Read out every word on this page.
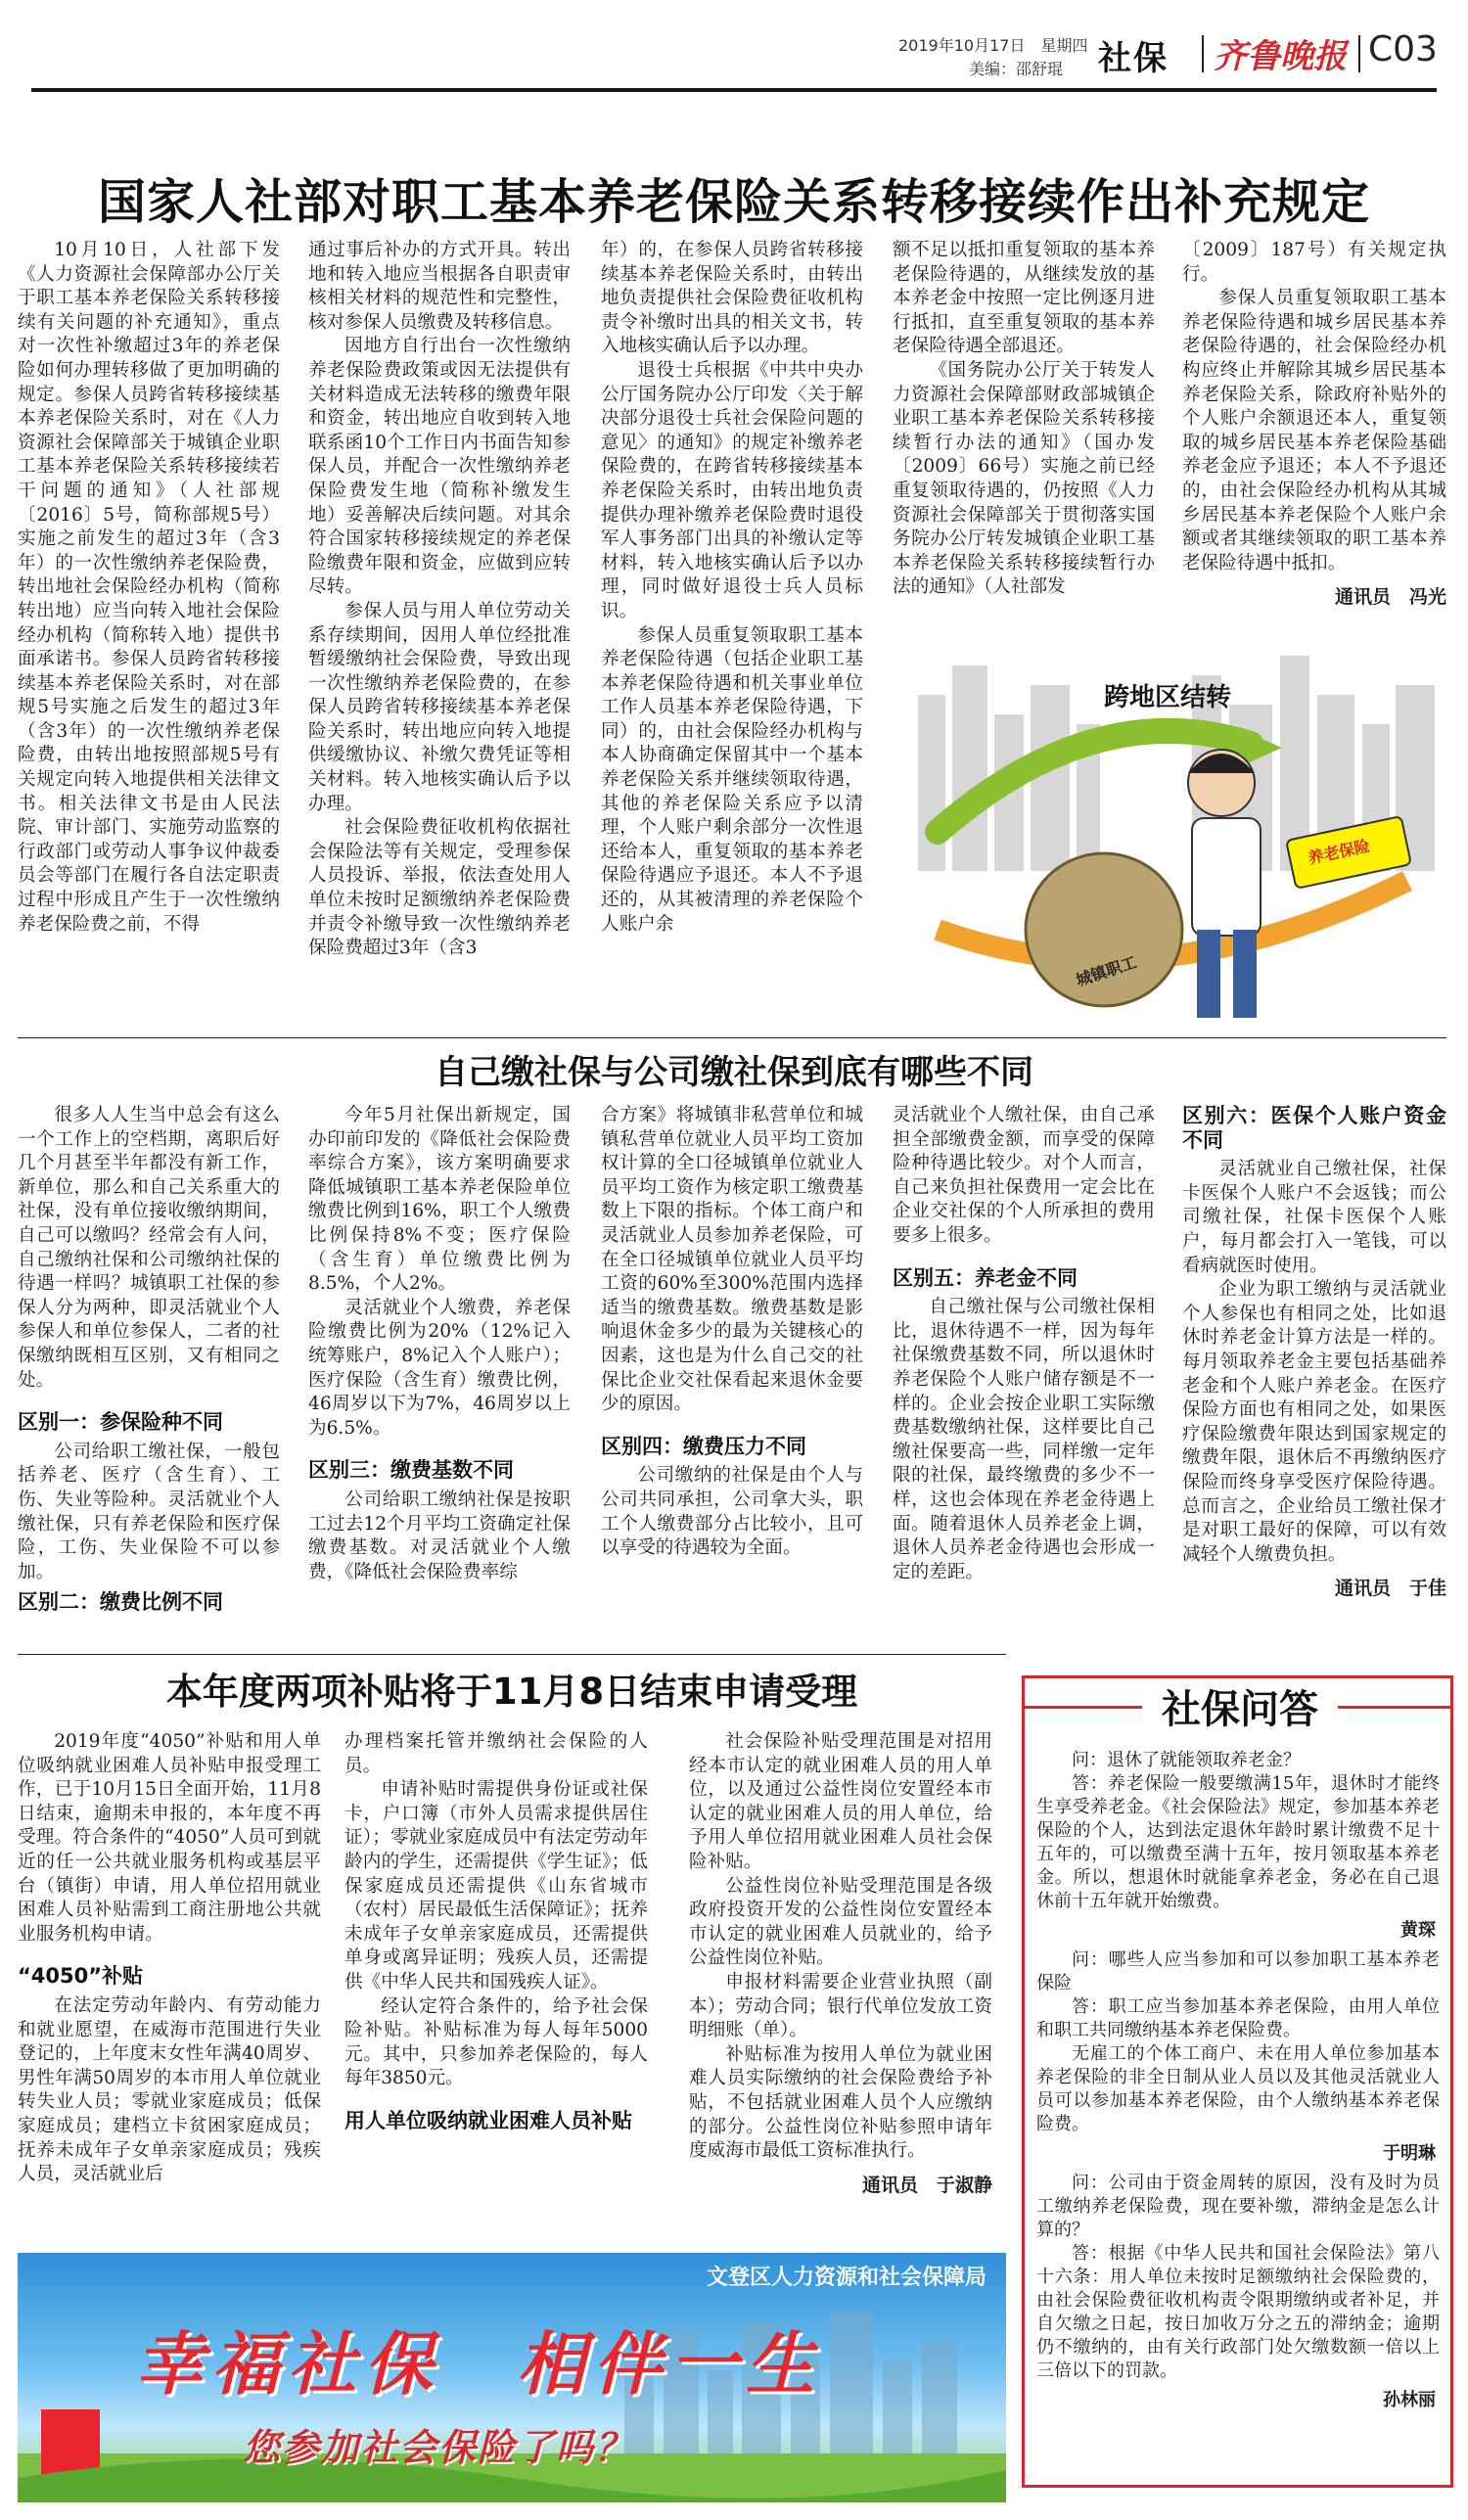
2019年10月17日　 星期四
美编：邵舒琨 社保 齐鲁晚报 C03
国家人社部对职工基本养老保险关系转移接续作出补充规定

10月10日，人社部下发《人力资源社会保障部办公厅关于职工基本养老保险关系转移接续有关问题的补充通知》，重点对一次性补缴超过3年的养老保险如何办理转移做了更加明确的规定。参保人员跨省转移接续基本养老保险关系时，对在《人力资源社会保障部关于城镇企业职工基本养老保险关系转移接续若干问题的通知》（人社部规〔2016〕5号，简称部规5号）实施之前发生的超过3年（含3年）的一次性缴纳养老保险费，转出地社会保险经办机构（简称转出地）应当向转入地社会保险经办机构（简称转入地）提供书面承诺书。参保人员跨省转移接续基本养老保险关系时，对在部规5号实施之后发生的超过3年（含3年）的一次性缴纳养老保险费，由转出地按照部规5号有关规定向转入地提供相关法律文书。相关法律文书是由人民法院、审计部门、实施劳动监察的行政部门或劳动人事争议仲裁委员会等部门在履行各自法定职责过程中形成且产生于一次性缴纳养老保险费之前，不得

通过事后补办的方式开具。转出地和转入地应当根据各自职责审核相关材料的规范性和完整性，核对参保人员缴费及转移信息。

因地方自行出台一次性缴纳养老保险费政策或因无法提供有关材料造成无法转移的缴费年限和资金，转出地应自收到转入地联系函10个工作日内书面告知参保人员，并配合一次性缴纳养老保险费发生地（简称补缴发生地）妥善解决后续问题。对其余符合国家转移接续规定的养老保险缴费年限和资金，应做到应转尽转。

参保人员与用人单位劳动关系存续期间，因用人单位经批准暂缓缴纳社会保险费，导致出现一次性缴纳养老保险费的，在参保人员跨省转移接续基本养老保险关系时，转出地应向转入地提供缓缴协议、补缴欠费凭证等相关材料。转入地核实确认后予以办理。

社会保险费征收机构依据社会保险法等有关规定，受理参保人员投诉、举报，依法查处用人单位未按时足额缴纳养老保险费并责令补缴导致一次性缴纳养老保险费超过3年（含3

年）的，在参保人员跨省转移接续基本养老保险关系时，由转出地负责提供社会保险费征收机构责令补缴时出具的相关文书，转入地核实确认后予以办理。

退役士兵根据《中共中央办公厅国务院办公厅印发〈关于解决部分退役士兵社会保险问题的意见〉的通知》的规定补缴养老保险费的，在跨省转移接续基本养老保险关系时，由转出地负责提供办理补缴养老保险费时退役军人事务部门出具的补缴认定等材料，转入地核实确认后予以办理，同时做好退役士兵人员标识。

参保人员重复领取职工基本养老保险待遇（包括企业职工基本养老保险待遇和机关事业单位工作人员基本养老保险待遇，下同）的，由社会保险经办机构与本人协商确定保留其中一个基本养老保险关系并继续领取待遇，其他的养老保险关系应予以清理，个人账户剩余部分一次性退还给本人，重复领取的基本养老保险待遇应予退还。本人不予退还的，从其被清理的养老保险个人账户余

额不足以抵扣重复领取的基本养老保险待遇的，从继续发放的基本养老金中按照一定比例逐月进行抵扣，直至重复领取的基本养老保险待遇全部退还。

《国务院办公厅关于转发人力资源社会保障部财政部城镇企业职工基本养老保险关系转移接续暂行办法的通知》（国办发〔2009〕66号）实施之前已经重复领取待遇的，仍按照《人力资源社会保障部关于贯彻落实国务院办公厅转发城镇企业职工基本养老保险关系转移接续暂行办法的通知》（人社部发

〔2009〕187号）有关规定执行。

参保人员重复领取职工基本养老保险待遇和城乡居民基本养老保险待遇的，社会保险经办机构应终止并解除其城乡居民基本养老保险关系，除政府补贴外的个人账户余额退还本人，重复领取的城乡居民基本养老保险基础养老金应予退还；本人不予退还的，由社会保险经办机构从其城乡居民基本养老保险个人账户余额或者其继续领取的职工基本养老保险待遇中抵扣。

通讯员　冯光

跨地区结转
城镇职工
养老保险
自己缴社保与公司缴社保到底有哪些不同

很多人人生当中总会有这么一个工作上的空档期，离职后好几个月甚至半年都没有新工作，新单位，那么和自己关系重大的社保，没有单位接收缴纳期间，自己可以缴吗？经常会有人问，自己缴纳社保和公司缴纳社保的待遇一样吗？城镇职工社保的参保人分为两种，即灵活就业个人参保人和单位参保人，二者的社保缴纳既相互区别，又有相同之处。

区别一：参保险种不同

公司给职工缴社保，一般包括养老、医疗（含生育）、工伤、失业等险种。灵活就业个人缴社保，只有养老保险和医疗保险，工伤、失业保险不可以参加。

区别二：缴费比例不同

今年5月社保出新规定，国办印前印发的《降低社会保险费率综合方案》，该方案明确要求降低城镇职工基本养老保险单位缴费比例到16%，职工个人缴费比例保持8%不变；医疗保险（含生育）单位缴费比例为8.5%，个人2%。

灵活就业个人缴费，养老保险缴费比例为20%（12%记入统筹账户，8%记入个人账户）；医疗保险（含生育）缴费比例，46周岁以下为7%，46周岁以上为6.5%。

区别三：缴费基数不同

公司给职工缴纳社保是按职工过去12个月平均工资确定社保缴费基数。对灵活就业个人缴费，《降低社会保险费率综

合方案》将城镇非私营单位和城镇私营单位就业人员平均工资加权计算的全口径城镇单位就业人员平均工资作为核定职工缴费基数上下限的指标。个体工商户和灵活就业人员参加养老保险，可在全口径城镇单位就业人员平均工资的60%至300%范围内选择适当的缴费基数。缴费基数是影响退休金多少的最为关键核心的因素，这也是为什么自己交的社保比企业交社保看起来退休金要少的原因。

区别四：缴费压力不同

公司缴纳的社保是由个人与公司共同承担，公司拿大头，职工个人缴费部分占比较小，且可以享受的待遇较为全面。

灵活就业个人缴社保，由自己承担全部缴费金额，而享受的保障险种待遇比较少。对个人而言，自己来负担社保费用一定会比在企业交社保的个人所承担的费用要多上很多。

区别五：养老金不同

自己缴社保与公司缴社保相比，退休待遇不一样，因为每年社保缴费基数不同，所以退休时养老保险个人账户储存额是不一样的。企业会按企业职工实际缴费基数缴纳社保，这样要比自己缴社保要高一些，同样缴一定年限的社保，最终缴费的多少不一样，这也会体现在养老金待遇上面。随着退休人员养老金上调，退休人员养老金待遇也会形成一定的差距。

区别六：医保个人账户资金不同

灵活就业自己缴社保，社保卡医保个人账户不会返钱；而公司缴社保，社保卡医保个人账户，每月都会打入一笔钱，可以看病就医时使用。

企业为职工缴纳与灵活就业个人参保也有相同之处，比如退休时养老金计算方法是一样的。每月领取养老金主要包括基础养老金和个人账户养老金。在医疗保险方面也有相同之处，如果医疗保险缴费年限达到国家规定的缴费年限，退休后不再缴纳医疗保险而终身享受医疗保险待遇。总而言之，企业给员工缴社保才是对职工最好的保障，可以有效减轻个人缴费负担。

通讯员　于佳

本年度两项补贴将于11月8日结束申请受理

2019年度“4050”补贴和用人单位吸纳就业困难人员补贴申报受理工作，已于10月15日全面开始，11月8日结束，逾期未申报的，本年度不再受理。符合条件的“4050”人员可到就近的任一公共就业服务机构或基层平台（镇街）申请，用人单位招用就业困难人员补贴需到工商注册地公共就业服务机构申请。

“4050”补贴

在法定劳动年龄内、有劳动能力和就业愿望，在威海市范围进行失业登记的，上年度末女性年满40周岁、男性年满50周岁的本市用人单位就业转失业人员；零就业家庭成员；低保家庭成员；建档立卡贫困家庭成员；抚养未成年子女单亲家庭成员；残疾人员，灵活就业后

办理档案托管并缴纳社会保险的人员。

申请补贴时需提供身份证或社保卡，户口簿（市外人员需求提供居住证）；零就业家庭成员中有法定劳动年龄内的学生，还需提供《学生证》；低保家庭成员还需提供《山东省城市（农村）居民最低生活保障证》；抚养未成年子女单亲家庭成员，还需提供单身或离异证明；残疾人员，还需提供《中华人民共和国残疾人证》。

经认定符合条件的，给予社会保险补贴。补贴标准为每人每年5000元。其中，只参加养老保险的，每人每年3850元。

用人单位吸纳就业困难人员补贴

社会保险补贴受理范围是对招用经本市认定的就业困难人员的用人单位，以及通过公益性岗位安置经本市认定的就业困难人员的用人单位，给予用人单位招用就业困难人员社会保险补贴。

公益性岗位补贴受理范围是各级政府投资开发的公益性岗位安置经本市认定的就业困难人员就业的，给予公益性岗位补贴。

申报材料需要企业营业执照（副本）；劳动合同；银行代单位发放工资明细账（单）。

补贴标准为按用人单位为就业困难人员实际缴纳的社会保险费给予补贴，不包括就业困难人员个人应缴纳的部分。公益性岗位补贴参照申请年度威海市最低工资标准执行。

通讯员　于淑静

社保问答

问：退休了就能领取养老金？

答：养老保险一般要缴满15年，退休时才能终生享受养老金。《社会保险法》规定，参加基本养老保险的个人，达到法定退休年龄时累计缴费不足十五年的，可以缴费至满十五年，按月领取基本养老金。所以，想退休时就能拿养老金，务必在自己退休前十五年就开始缴费。

黄琛

问：哪些人应当参加和可以参加职工基本养老保险

答：职工应当参加基本养老保险，由用人单位和职工共同缴纳基本养老保险费。

无雇工的个体工商户、未在用人单位参加基本养老保险的非全日制从业人员以及其他灵活就业人员可以参加基本养老保险，由个人缴纳基本养老保险费。

于明琳

问：公司由于资金周转的原因，没有及时为员工缴纳养老保险费，现在要补缴，滞纳金是怎么计算的？

答：根据《中华人民共和国社会保险法》第八十六条：用人单位未按时足额缴纳社会保险费的，由社会保险费征收机构责令限期缴纳或者补足，并自欠缴之日起，按日加收万分之五的滞纳金；逾期仍不缴纳的，由有关行政部门处欠缴数额一倍以上三倍以下的罚款。

孙林丽

文登区人力资源和社会保障局
幸福社保　相伴一生
您参加社会保险了吗？
